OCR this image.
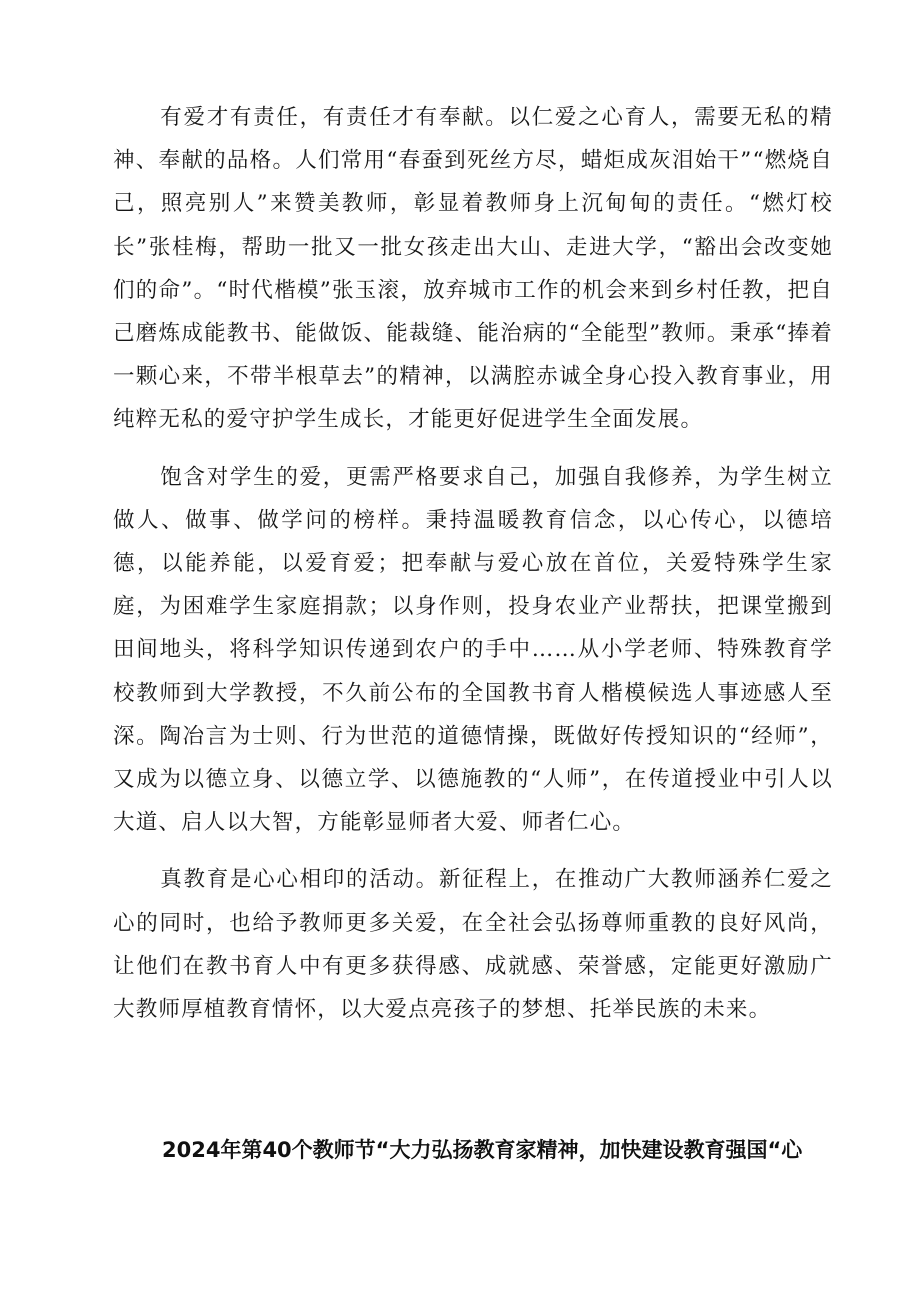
有爱才有责任，有责任才有奉献。以仁爱之心育人，需要无私的精神、奉献的品格。人们常用“春蚕到死丝方尽，蜡炬成灰泪始干”“燃烧自己，照亮别人”来赞美教师，彰显着教师身上沉甸甸的责任。“燃灯校长”张桂梅，帮助一批又一批女孩走出大山、走进大学，“豁出会改变她们的命”。“时代楷模”张玉滚，放弃城市工作的机会来到乡村任教，把自己磨炼成能教书、能做饭、能裁缝、能治病的“全能型”教师。秉承“捧着一颗心来，不带半根草去”的精神，以满腔赤诚全身心投入教育事业，用纯粹无私的爱守护学生成长，才能更好促进学生全面发展。

饱含对学生的爱，更需严格要求自己，加强自我修养，为学生树立做人、做事、做学问的榜样。秉持温暖教育信念，以心传心，以德培德，以能养能，以爱育爱；把奉献与爱心放在首位，关爱特殊学生家庭，为困难学生家庭捐款；以身作则，投身农业产业帮扶，把课堂搬到田间地头，将科学知识传递到农户的手中……从小学老师、特殊教育学校教师到大学教授，不久前公布的全国教书育人楷模候选人事迹感人至深。陶冶言为士则、行为世范的道德情操，既做好传授知识的“经师”，又成为以德立身、以德立学、以德施教的“人师”，在传道授业中引人以大道、启人以大智，方能彰显师者大爱、师者仁心。

真教育是心心相印的活动。新征程上，在推动广大教师涵养仁爱之心的同时，也给予教师更多关爱，在全社会弘扬尊师重教的良好风尚，让他们在教书育人中有更多获得感、成就感、荣誉感，定能更好激励广大教师厚植教育情怀，以大爱点亮孩子的梦想、托举民族的未来。

2024年第40个教师节“大力弘扬教育家精神，加快建设教育强国“心
